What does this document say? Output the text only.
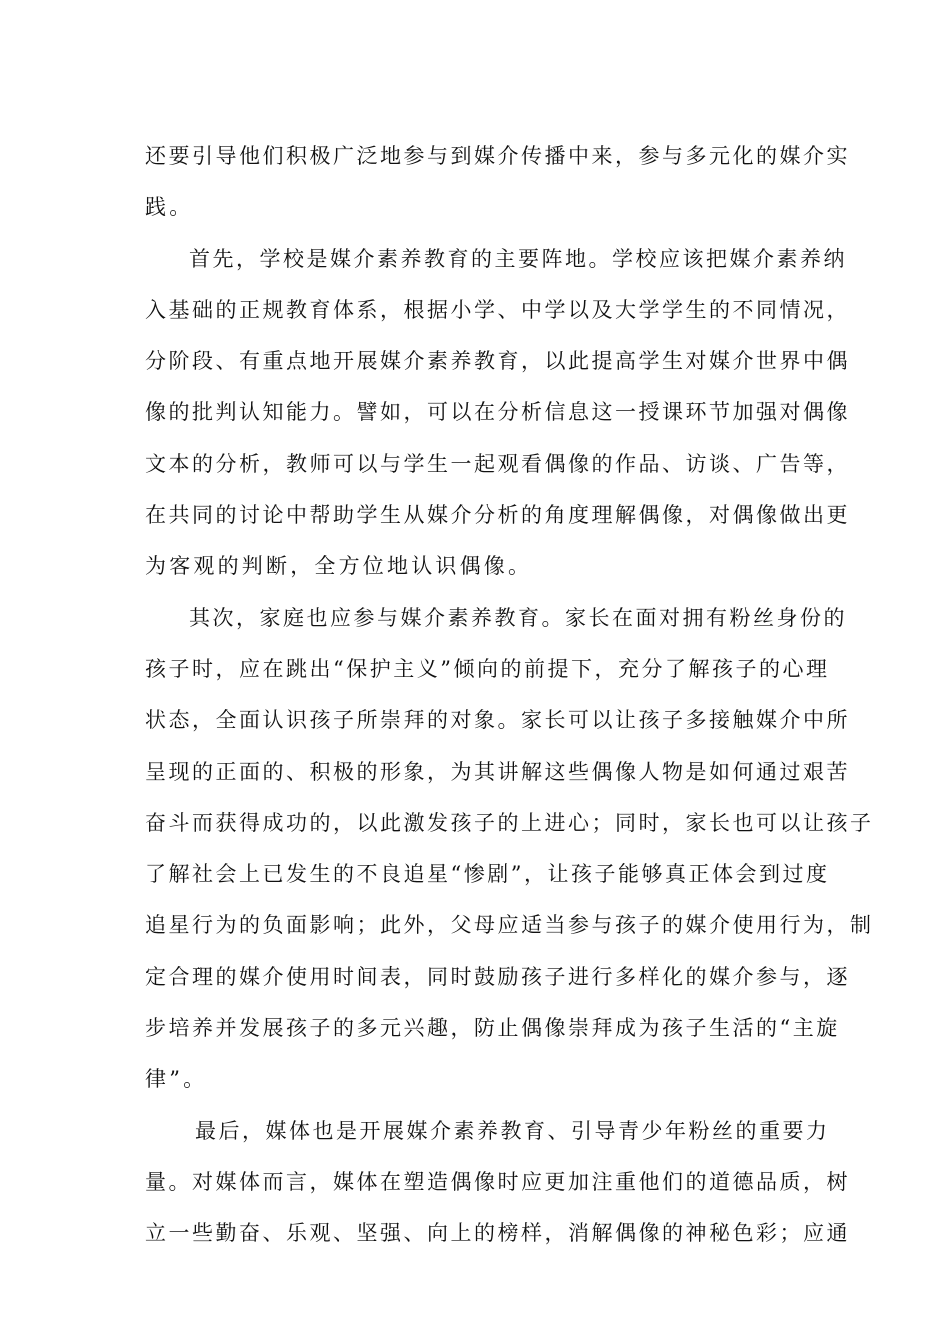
还要引导他们积极广泛地参与到媒介传播中来，参与多元化的媒介实
践。
首先，学校是媒介素养教育的主要阵地。学校应该把媒介素养纳
入基础的正规教育体系，根据小学、中学以及大学学生的不同情况，
分阶段、有重点地开展媒介素养教育，以此提高学生对媒介世界中偶
像的批判认知能力。譬如，可以在分析信息这一授课环节加强对偶像
文本的分析，教师可以与学生一起观看偶像的作品、访谈、广告等，
在共同的讨论中帮助学生从媒介分析的角度理解偶像，对偶像做出更
为客观的判断，全方位地认识偶像。
其次，家庭也应参与媒介素养教育。家长在面对拥有粉丝身份的
孩子时，应在跳出“保护主义”倾向的前提下，充分了解孩子的心理
状态，全面认识孩子所崇拜的对象。家长可以让孩子多接触媒介中所
呈现的正面的、积极的形象，为其讲解这些偶像人物是如何通过艰苦
奋斗而获得成功的，以此激发孩子的上进心；同时，家长也可以让孩子
了解社会上已发生的不良追星“惨剧”，让孩子能够真正体会到过度
追星行为的负面影响；此外，父母应适当参与孩子的媒介使用行为，制
定合理的媒介使用时间表，同时鼓励孩子进行多样化的媒介参与，逐
步培养并发展孩子的多元兴趣，防止偶像崇拜成为孩子生活的“主旋
律”。
最后，媒体也是开展媒介素养教育、引导青少年粉丝的重要力
量。对媒体而言，媒体在塑造偶像时应更加注重他们的道德品质，树
立一些勤奋、乐观、坚强、向上的榜样，消解偶像的神秘色彩；应通
